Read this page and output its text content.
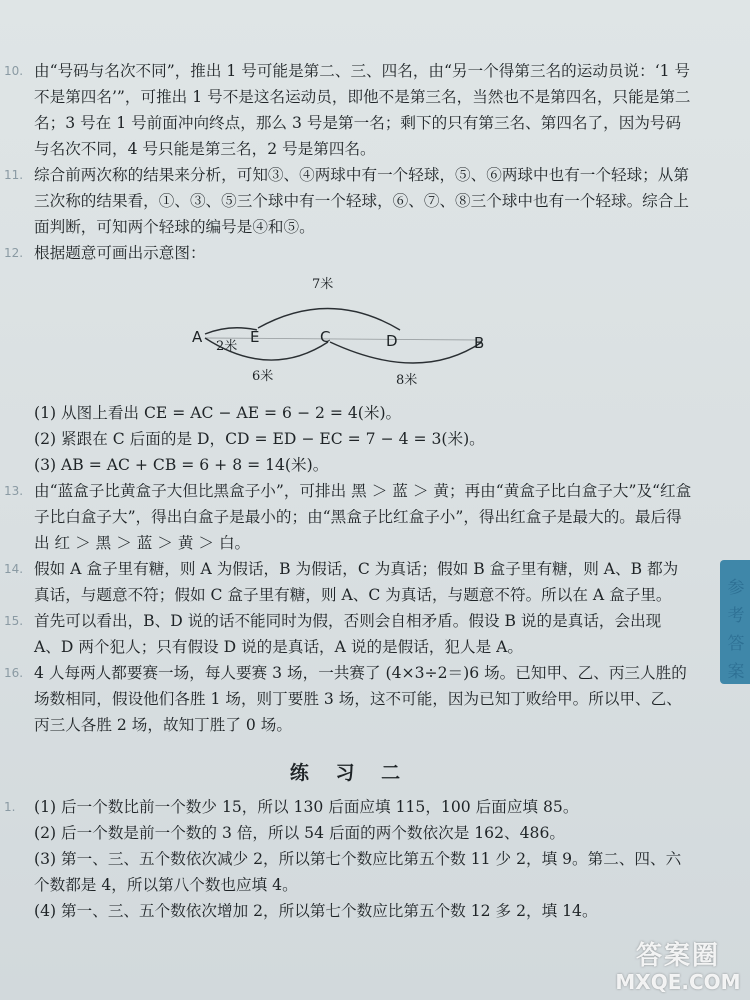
10. 由“号码与名次不同”，推出 1 号可能是第二、三、四名，由“另一个得第三名的运动员说：‘1 号不是第四名’”，可推出 1 号不是这名运动员，即他不是第三名，当然也不是第四名，只能是第二名；3 号在 1 号前面冲向终点，那么 3 号是第一名；剩下的只有第三名、第四名了，因为号码与名次不同，4 号只能是第三名，2 号是第四名。

11. 综合前两次称的结果来分析，可知③、④两球中有一个轻球，⑤、⑥两球中也有一个轻球；从第三次称的结果看，①、③、⑤三个球中有一个轻球，⑥、⑦、⑧三个球中也有一个轻球。综合上面判断，可知两个轻球的编号是④和⑤。

12. 根据题意可画出示意图：

A	E	C	D	B
7米
2米
6米	8米

(1) 从图上看出 CE = AC − AE = 6 − 2 = 4(米)。

(2) 紧跟在 C 后面的是 D，CD = ED − EC = 7 − 4 = 3(米)。

(3) AB = AC + CB = 6 + 8 = 14(米)。

13. 由“蓝盒子比黄盒子大但比黑盒子小”，可排出 黑 ＞ 蓝 ＞ 黄；再由“黄盒子比白盒子大”及“红盒子比白盒子大”，得出白盒子是最小的；由“黑盒子比红盒子小”，得出红盒子是最大的。最后得出 红 ＞ 黑 ＞ 蓝 ＞ 黄 ＞ 白。

14. 假如 A 盒子里有糖，则 A 为假话，B 为假话，C 为真话；假如 B 盒子里有糖，则 A、B 都为真话，与题意不符；假如 C 盒子里有糖，则 A、C 为真话，与题意不符。所以在 A 盒子里。

15. 首先可以看出，B、D 说的话不能同时为假，否则会自相矛盾。假设 B 说的是真话，会出现 A、D 两个犯人；只有假设 D 说的是真话，A 说的是假话，犯人是 A。

16. 4 人每两人都要赛一场，每人要赛 3 场，一共赛了 (4×3÷2＝)6 场。已知甲、乙、丙三人胜的场数相同，假设他们各胜 1 场，则丁要胜 3 场，这不可能，因为已知丁败给甲。所以甲、乙、丙三人各胜 2 场，故知丁胜了 0 场。

练 习 二
1. (1) 后一个数比前一个数少 15，所以 130 后面应填 115，100 后面应填 85。

(2) 后一个数是前一个数的 3 倍，所以 54 后面的两个数依次是 162、486。

(3) 第一、三、五个数依次减少 2，所以第七个数应比第五个数 11 少 2，填 9。第二、四、六个数都是 4，所以第八个数也应填 4。

(4) 第一、三、五个数依次增加 2，所以第七个数应比第五个数 12 多 2，填 14。

参
考
答
案
答案圈
MXQE.COM
